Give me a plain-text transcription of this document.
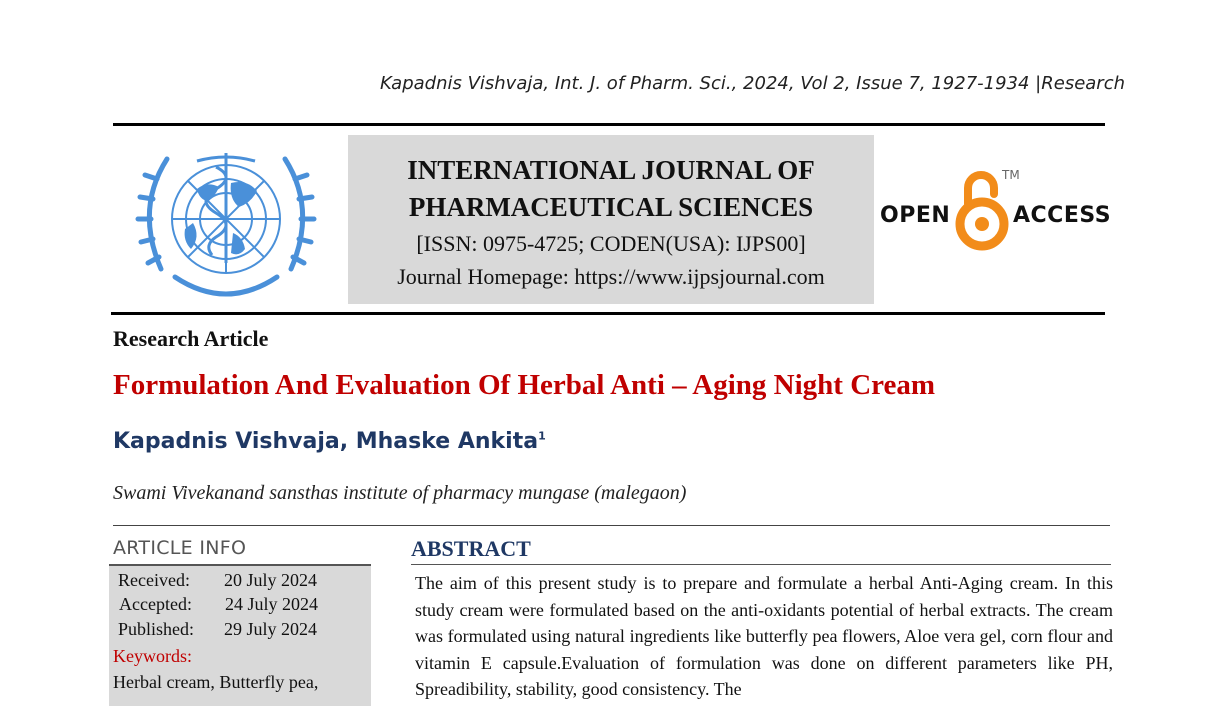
Kapadnis Vishvaja, Int. J. of Pharm. Sci., 2024, Vol 2, Issue 7, 1927-1934 |Research
INTERNATIONAL JOURNAL OF
PHARMACEUTICAL SCIENCES
[ISSN: 0975-4725; CODEN(USA): IJPS00]
Journal Homepage: https://www.ijpsjournal.com
OPEN
TM
ACCESS
Research Article
Formulation And Evaluation Of Herbal Anti – Aging Night Cream
Kapadnis Vishvaja, Mhaske Ankita$^1$
Swami Vivekanand sansthas institute of pharmacy mungase (malegaon)
ARTICLE INFO
Received: 20 July 2024
Accepted: 24 July 2024
Published: 29 July 2024
Keywords:
Herbal cream, Butterfly pea,
ABSTRACT
The aim of this present study is to prepare and formulate a herbal Anti-Aging cream. In this study cream were formulated based on the anti-oxidants potential of herbal extracts. The cream was formulated using natural ingredients like butterfly pea flowers, Aloe vera gel, corn flour and vitamin E capsule.Evaluation of formulation was done on different parameters like PH, Spreadibility, stability, good consistency. The
